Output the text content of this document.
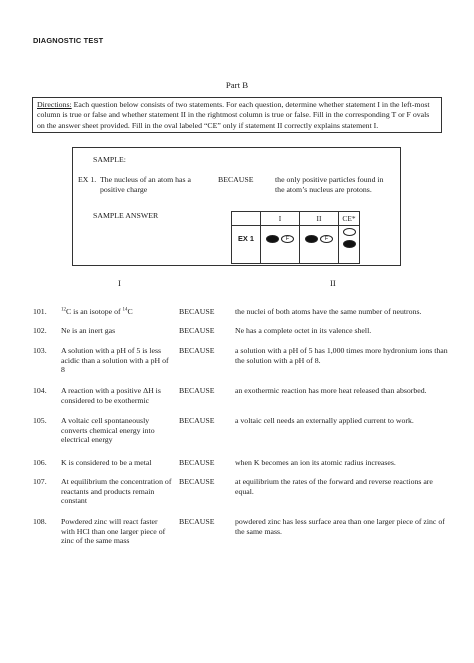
DIAGNOSTIC TEST
Part B
Directions: Each question below consists of two statements. For each question, determine whether statement I in the left-most column is true or false and whether statement II in the rightmost column is true or false. Fill in the corresponding T or F ovals on the answer sheet provided. Fill in the oval labeled “CE” only if statement II correctly explains statement I.
SAMPLE:
EX 1. The nucleus of an atom has a positive charge
BECAUSE	the only positive particles found in the atom’s nucleus are protons.
SAMPLE ANSWER
		I	II	CE*
EX 1	F	F	
I	II
101.	$^{12}$C is an isotope of $^{14}$C	BECAUSE	the nuclei of both atoms have the same number of neutrons.
102. Ne is an inert gas	BECAUSE	Ne has a complete octet in its valence shell.
103. A solution with a pH of 5 is less acidic than a solution with a pH of 8
BECAUSE	a solution with a pH of 5 has 1,000 times more hydronium ions than the solution with a pH of 8.
104. A reaction with a positive ΔH is considered to be exothermic
BECAUSE	an exothermic reaction has more heat released than absorbed.
105. A voltaic cell spontaneously converts chemical energy into electrical energy
BECAUSE	a voltaic cell needs an externally applied current to work.
106. K is considered to be a metal	BECAUSE	when K becomes an ion its atomic radius increases.
107. At equilibrium the concentration of reactants and products remain constant
BECAUSE	at equilibrium the rates of the forward and reverse reactions are equal.
108. Powdered zinc will react faster with HCl than one larger piece of zinc of the same mass
BECAUSE	powdered zinc has less surface area than one larger piece of zinc of the same mass.
